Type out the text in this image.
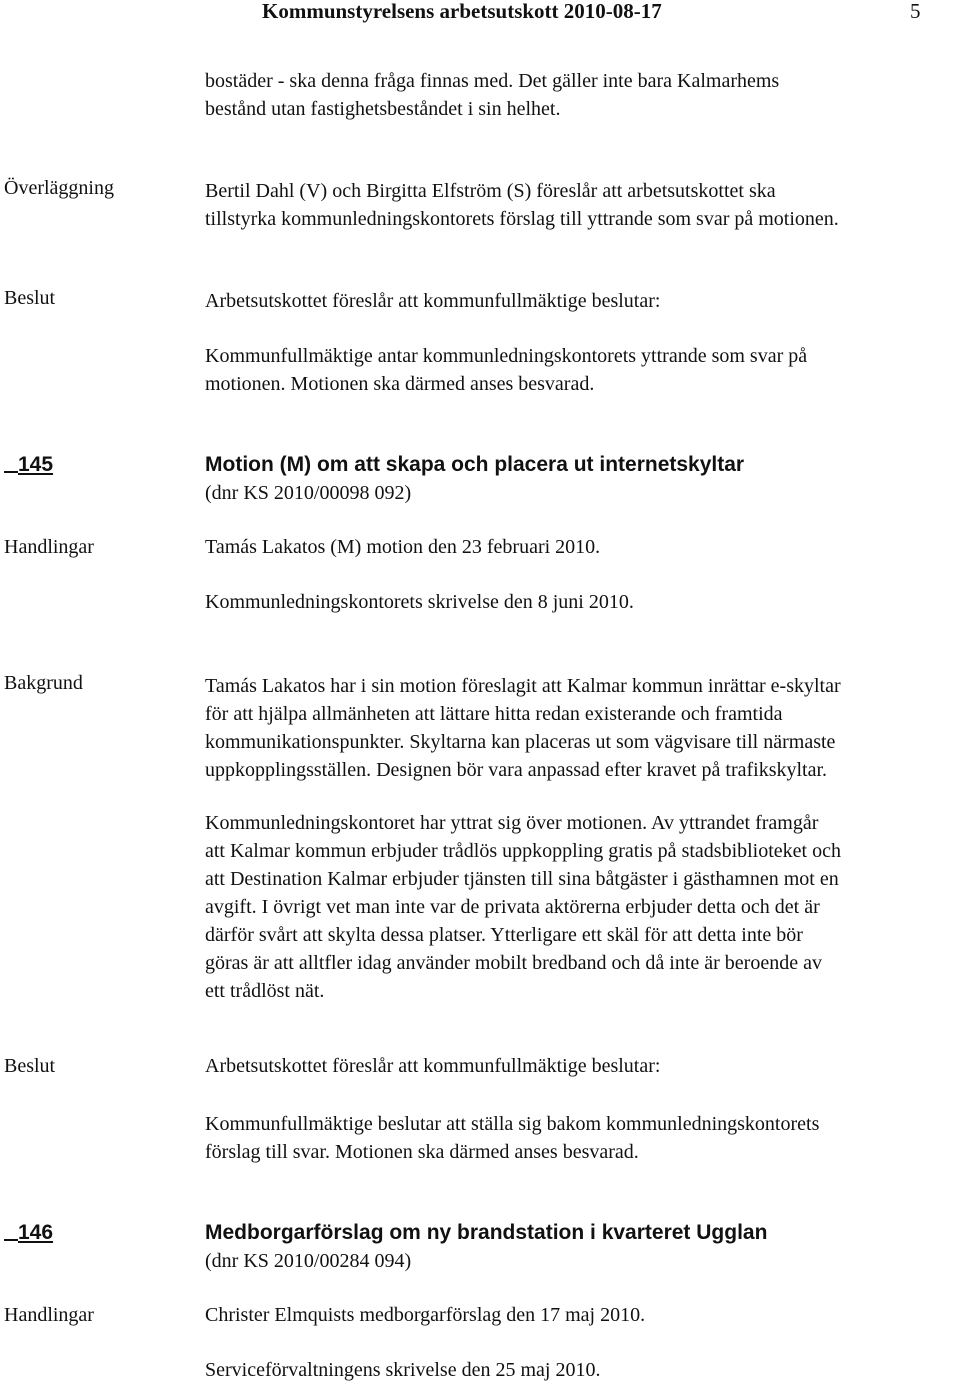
Kommunstyrelsens arbetsutskott 2010-08-17	5
bostäder - ska denna fråga finnas med. Det gäller inte bara Kalmarhems
bestånd utan fastighetsbeståndet i sin helhet.
Överläggning	Bertil Dahl (V) och Birgitta Elfström (S) föreslår att arbetsutskottet ska
tillstyrka kommunledningskontorets förslag till yttrande som svar på motionen.
Beslut	Arbetsutskottet föreslår att kommunfullmäktige beslutar:
Kommunfullmäktige antar kommunledningskontorets yttrande som svar på
motionen. Motionen ska därmed anses besvarad.
145	Motion (M) om att skapa och placera ut internetskyltar
(dnr KS 2010/00098 092)
Handlingar	Tamás Lakatos (M) motion den 23 februari 2010.
Kommunledningskontorets skrivelse den 8 juni 2010.
Bakgrund	Tamás Lakatos har i sin motion föreslagit att Kalmar kommun inrättar e-skyltar
för att hjälpa allmänheten att lättare hitta redan existerande och framtida
kommunikationspunkter. Skyltarna kan placeras ut som vägvisare till närmaste
uppkopplingsställen. Designen bör vara anpassad efter kravet på trafikskyltar.
Kommunledningskontoret har yttrat sig över motionen. Av yttrandet framgår
att Kalmar kommun erbjuder trådlös uppkoppling gratis på stadsbiblioteket och
att Destination Kalmar erbjuder tjänsten till sina båtgäster i gästhamnen mot en
avgift. I övrigt vet man inte var de privata aktörerna erbjuder detta och det är
därför svårt att skylta dessa platser. Ytterligare ett skäl för att detta inte bör
göras är att alltfler idag använder mobilt bredband och då inte är beroende av
ett trådlöst nät.
Beslut	Arbetsutskottet föreslår att kommunfullmäktige beslutar:
Kommunfullmäktige beslutar att ställa sig bakom kommunledningskontorets
förslag till svar. Motionen ska därmed anses besvarad.
146	Medborgarförslag om ny brandstation i kvarteret Ugglan
(dnr KS 2010/00284 094)
Handlingar	Christer Elmquists medborgarförslag den 17 maj 2010.
Serviceförvaltningens skrivelse den 25 maj 2010.
